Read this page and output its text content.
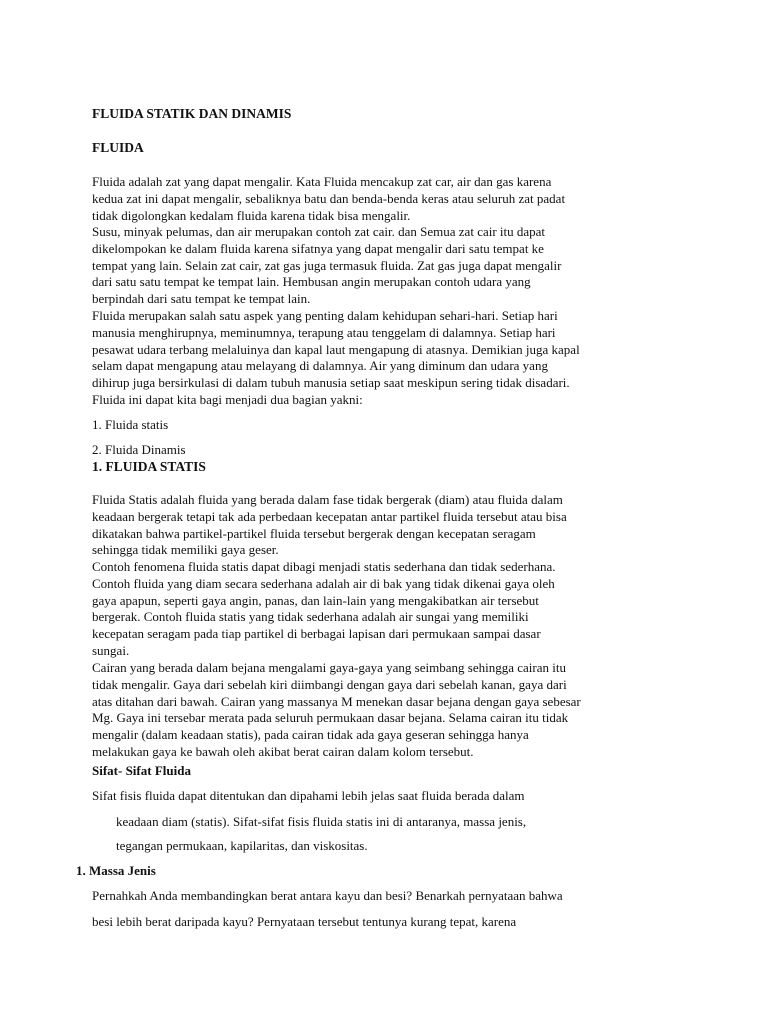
FLUIDA STATIK DAN DINAMIS
FLUIDA

Fluida adalah zat yang dapat mengalir. Kata Fluida mencakup zat car, air dan gas karena
kedua zat ini dapat mengalir, sebaliknya batu dan benda-benda keras atau seluruh zat padat
tidak digolongkan kedalam fluida karena tidak bisa mengalir.

Susu, minyak pelumas, dan air merupakan contoh zat cair. dan Semua zat cair itu dapat
dikelompokan ke dalam fluida karena sifatnya yang dapat mengalir dari satu tempat ke
tempat yang lain. Selain zat cair, zat gas juga termasuk fluida. Zat gas juga dapat mengalir
dari satu satu tempat ke tempat lain. Hembusan angin merupakan contoh udara yang
berpindah dari satu tempat ke tempat lain.

Fluida merupakan salah satu aspek yang penting dalam kehidupan sehari-hari. Setiap hari
manusia menghirupnya, meminumnya, terapung atau tenggelam di dalamnya. Setiap hari
pesawat udara terbang melaluinya dan kapal laut mengapung di atasnya. Demikian juga kapal
selam dapat mengapung atau melayang di dalamnya. Air yang diminum dan udara yang
dihirup juga bersirkulasi di dalam tubuh manusia setiap saat meskipun sering tidak disadari.
Fluida ini dapat kita bagi menjadi dua bagian yakni:

1. Fluida statis
2. Fluida Dinamis
1. FLUIDA STATIS

Fluida Statis adalah fluida yang berada dalam fase tidak bergerak (diam) atau fluida dalam
keadaan bergerak tetapi tak ada perbedaan kecepatan antar partikel fluida tersebut atau bisa
dikatakan bahwa partikel-partikel fluida tersebut bergerak dengan kecepatan seragam
sehingga tidak memiliki gaya geser.

Contoh fenomena fluida statis dapat dibagi menjadi statis sederhana dan tidak sederhana.
Contoh fluida yang diam secara sederhana adalah air di bak yang tidak dikenai gaya oleh
gaya apapun, seperti gaya angin, panas, dan lain-lain yang mengakibatkan air tersebut
bergerak. Contoh fluida statis yang tidak sederhana adalah air sungai yang memiliki
kecepatan seragam pada tiap partikel di berbagai lapisan dari permukaan sampai dasar
sungai.

Cairan yang berada dalam bejana mengalami gaya-gaya yang seimbang sehingga cairan itu
tidak mengalir. Gaya dari sebelah kiri diimbangi dengan gaya dari sebelah kanan, gaya dari
atas ditahan dari bawah. Cairan yang massanya M menekan dasar bejana dengan gaya sebesar
Mg. Gaya ini tersebar merata pada seluruh permukaan dasar bejana. Selama cairan itu tidak
mengalir (dalam keadaan statis), pada cairan tidak ada gaya geseran sehingga hanya
melakukan gaya ke bawah oleh akibat berat cairan dalam kolom tersebut.

Sifat- Sifat Fluida
Sifat fisis fluida dapat ditentukan dan dipahami lebih jelas saat fluida berada dalam
keadaan diam (statis). Sifat-sifat fisis fluida statis ini di antaranya, massa jenis,
tegangan permukaan, kapilaritas, dan viskositas.
1. Massa Jenis
Pernahkah Anda membandingkan berat antara kayu dan besi? Benarkah pernyataan bahwa
besi lebih berat daripada kayu? Pernyataan tersebut tentunya kurang tepat, karena
